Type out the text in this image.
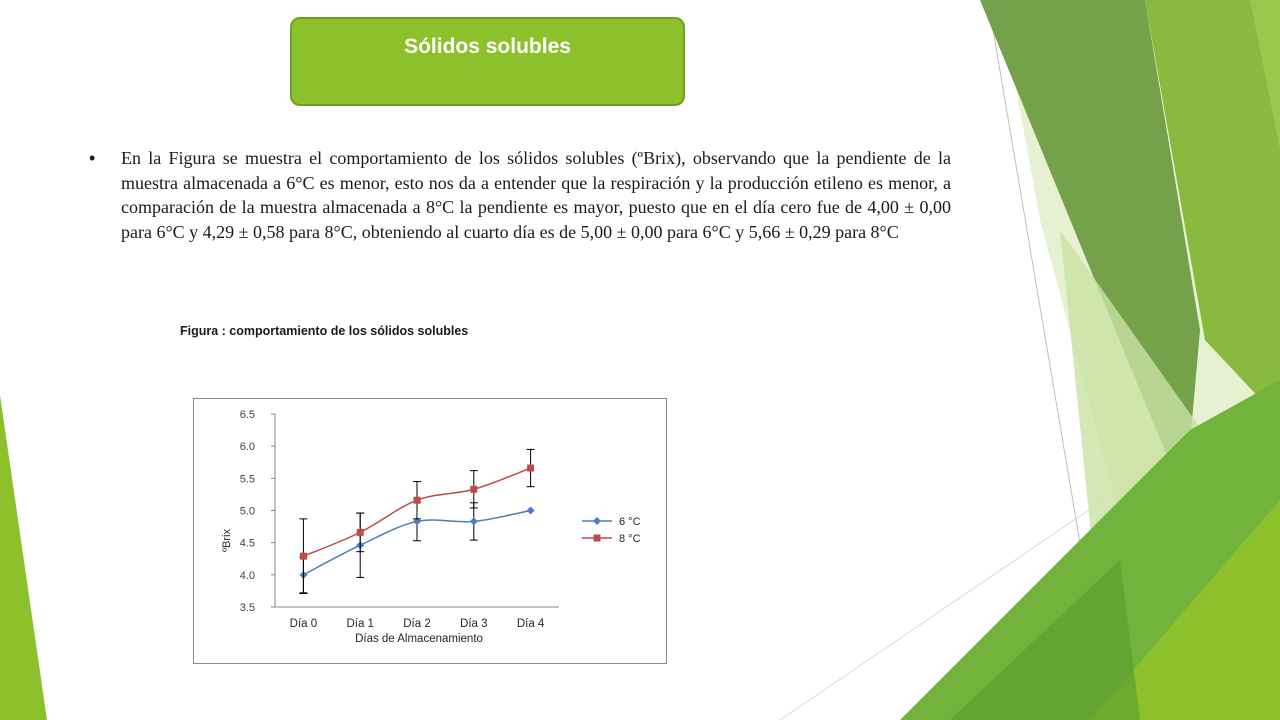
Sólidos solubles
•	En la Figura se muestra el comportamiento de los sólidos solubles (ºBrix), observando que la pendiente de la muestra almacenada a 6°C es menor, esto nos da a entender que la respiración y la producción etileno es menor, a comparación de la muestra almacenada a 8°C la pendiente es mayor, puesto que en el día cero fue de 4,00 ± 0,00 para 6°C y 4,29 ± 0,58 para 8°C, obteniendo al cuarto día es de 5,00 ± 0,00 para 6°C y 5,66 ± 0,29 para 8°C
Figura : comportamiento de los sólidos solubles
6.5
6.0
5.5
5.0
4.5
4.0
3.5
Día 0	Día 1	Día 2	Día 3	Día 4
Días de Almacenamiento
ºBrix
6 °C
8 °C
